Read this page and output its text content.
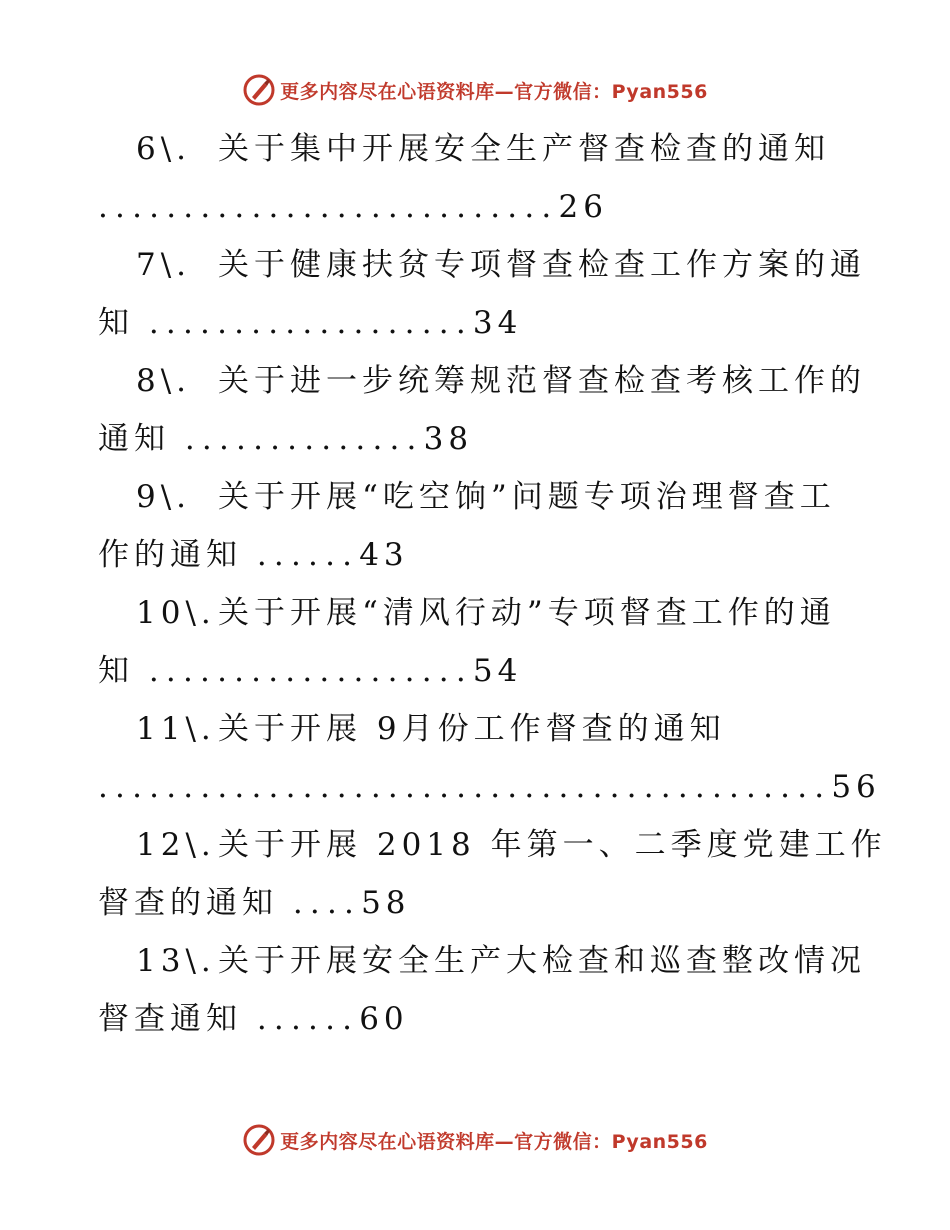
更多内容尽在心语资料库—官方微信：Pyan556
6\. 关于集中开展安全生产督查检查的通知
...........................26
7\. 关于健康扶贫专项督查检查工作方案的通
知 ...................34
8\. 关于进一步统筹规范督查检查考核工作的
通知 ..............38
9\. 关于开展“吃空饷”问题专项治理督查工
作的通知 ......43
10\.关于开展“清风行动”专项督查工作的通
知 ...................54
11\.关于开展 9月份工作督查的通知
...........................................56
12\.关于开展 2018 年第一、二季度党建工作
督查的通知 ....58
13\.关于开展安全生产大检查和巡查整改情况
督查通知 ......60
更多内容尽在心语资料库—官方微信：Pyan556
